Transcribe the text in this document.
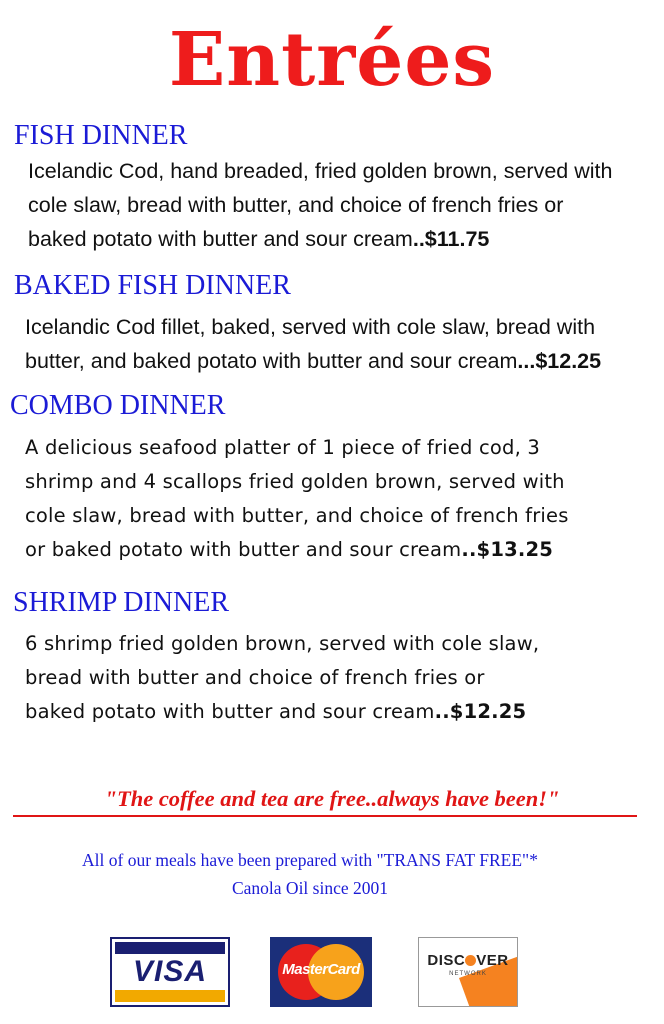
Entrées
FISH DINNER
Icelandic Cod, hand breaded, fried golden brown, served with
cole slaw, bread with butter, and choice of french fries or
baked potato with butter and sour cream..$11.75
BAKED FISH DINNER
Icelandic Cod fillet, baked, served with cole slaw, bread with
butter, and baked potato with butter and sour cream...$12.25
COMBO DINNER
A delicious seafood platter of 1 piece of fried cod, 3
shrimp and 4 scallops fried golden brown, served with
cole slaw, bread with butter, and choice of french fries
or baked potato with butter and sour cream..$13.25
SHRIMP DINNER
6 shrimp fried golden brown, served with cole slaw,
bread with butter and choice of french fries or
baked potato with butter and sour cream..$12.25
"The coffee and tea are free..always have been!"
All of our meals have been prepared with "TRANS FAT FREE"*
Canola Oil since 2001
VISA	MasterCard
DISC VER
NETWORK
